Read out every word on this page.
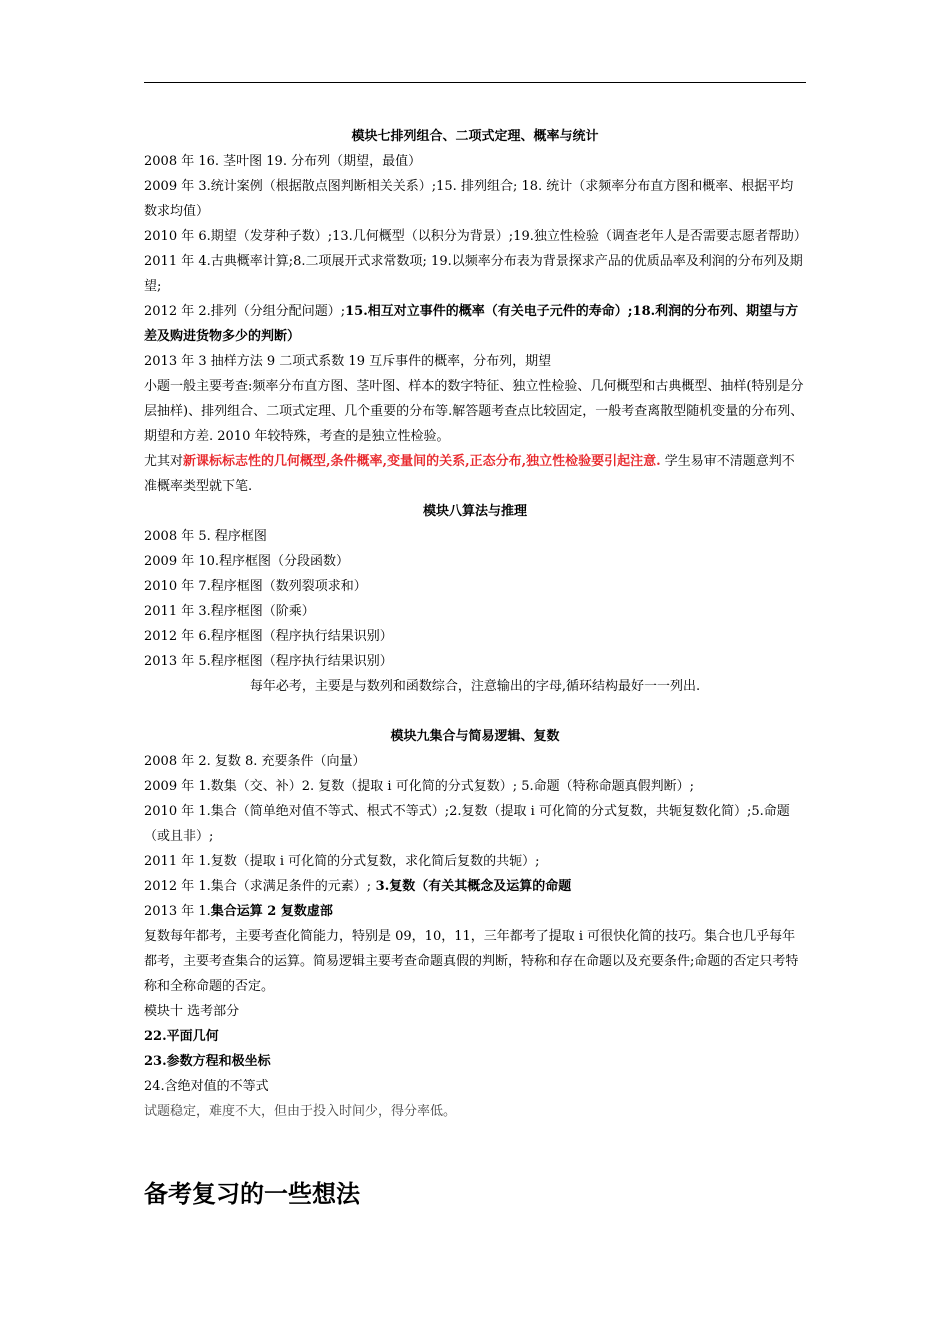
模块七排列组合、二项式定理、概率与统计
2008 年 16. 茎叶图 19. 分布列（期望，最值）
2009 年 3.统计案例（根据散点图判断相关关系）;15. 排列组合; 18. 统计（求频率分布直方图和概率、根据平均数求均值）
2010 年 6.期望（发芽种子数）;13.几何概型（以积分为背景）;19.独立性检验（调查老年人是否需要志愿者帮助）
2011 年 4.古典概率计算;8.二项展开式求常数项; 19.以频率分布表为背景探求产品的优质品率及利润的分布列及期望;
2012 年 2.排列（分组分配问题）;15.相互对立事件的概率（有关电子元件的寿命）;18.利润的分布列、期望与方差及购进货物多少的判断）
2013 年 3 抽样方法 9 二项式系数 19 互斥事件的概率，分布列，期望
小题一般主要考查:频率分布直方图、茎叶图、样本的数字特征、独立性检验、几何概型和古典概型、抽样(特别是分层抽样)、排列组合、二项式定理、几个重要的分布等.解答题考查点比较固定，一般考查离散型随机变量的分布列、期望和方差. 2010 年较特殊，考查的是独立性检验。
尤其对新课标标志性的几何概型,条件概率,变量间的关系,正态分布,独立性检验要引起注意. 学生易审不清题意判不准概率类型就下笔.
模块八算法与推理
2008 年 5. 程序框图
2009 年 10.程序框图（分段函数）
2010 年 7.程序框图（数列裂项求和）
2011 年 3.程序框图（阶乘）
2012 年 6.程序框图（程序执行结果识别）
2013 年 5.程序框图（程序执行结果识别）
每年必考，主要是与数列和函数综合，注意输出的字母,循环结构最好一一列出.
模块九集合与简易逻辑、复数
2008 年 2. 复数 8. 充要条件（向量）
2009 年 1.数集（交、补）2. 复数（提取 i 可化简的分式复数）; 5.命题（特称命题真假判断）;
2010 年 1.集合（简单绝对值不等式、根式不等式）;2.复数（提取 i 可化简的分式复数，共轭复数化简）;5.命题（或且非）;
2011 年 1.复数（提取 i 可化简的分式复数，求化简后复数的共轭）;
2012 年 1.集合（求满足条件的元素）; 3.复数（有关其概念及运算的命题
2013 年 1.集合运算 2 复数虚部
复数每年都考，主要考查化简能力，特别是 09，10，11，三年都考了提取 i 可很快化简的技巧。集合也几乎每年都考，主要考查集合的运算。简易逻辑主要考查命题真假的判断，特称和存在命题以及充要条件;命题的否定只考特称和全称命题的否定。
模块十 选考部分
22.平面几何
23.参数方程和极坐标
24.含绝对值的不等式
试题稳定，难度不大，但由于投入时间少，得分率低。
备考复习的一些想法
